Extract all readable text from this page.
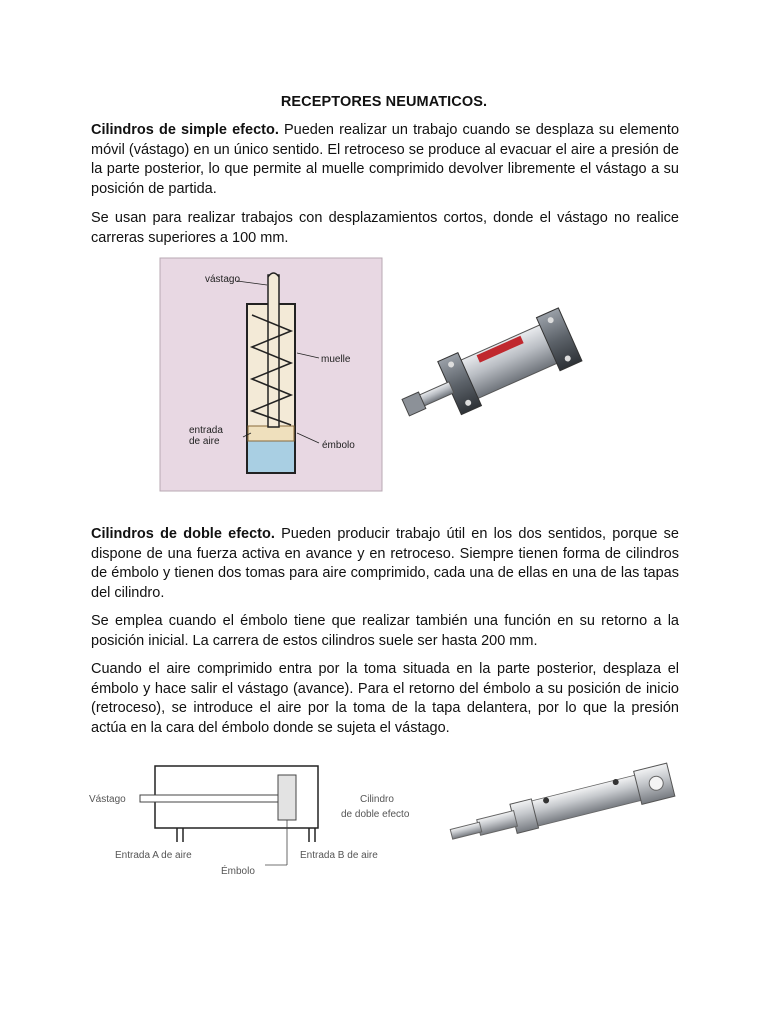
RECEPTORES NEUMATICOS.

Cilindros de simple efecto. Pueden realizar un trabajo cuando se desplaza su elemento móvil (vástago) en un único sentido. El retroceso se produce al evacuar el aire a presión de la parte posterior, lo que permite al muelle comprimido devolver libremente el vástago a su posición de partida.

Se usan para realizar trabajos con desplazamientos cortos, donde el vástago no realice carreras superiores a 100 mm.

vástago
muelle
entrada
de aire	émbolo

Cilindros de doble efecto. Pueden producir trabajo útil en los dos sentidos, porque se dispone de una fuerza activa en avance y en retroceso. Siempre tienen forma de cilindros de émbolo y tienen dos tomas para aire comprimido, cada una de ellas en una de las tapas del cilindro.

Se emplea cuando el émbolo tiene que realizar también una función en su retorno a la posición inicial. La carrera de estos cilindros suele ser hasta 200 mm.

Cuando el aire comprimido entra por la toma situada en la parte posterior, desplaza el émbolo y hace salir el vástago (avance). Para el retorno del émbolo a su posición de inicio (retroceso), se introduce el aire por la toma de la tapa delantera, por lo que la presión actúa en la cara del émbolo donde se sujeta el vástago.

Vástago	Cilindro
de doble efecto
Entrada A de aire	Entrada B de aire
Émbolo
